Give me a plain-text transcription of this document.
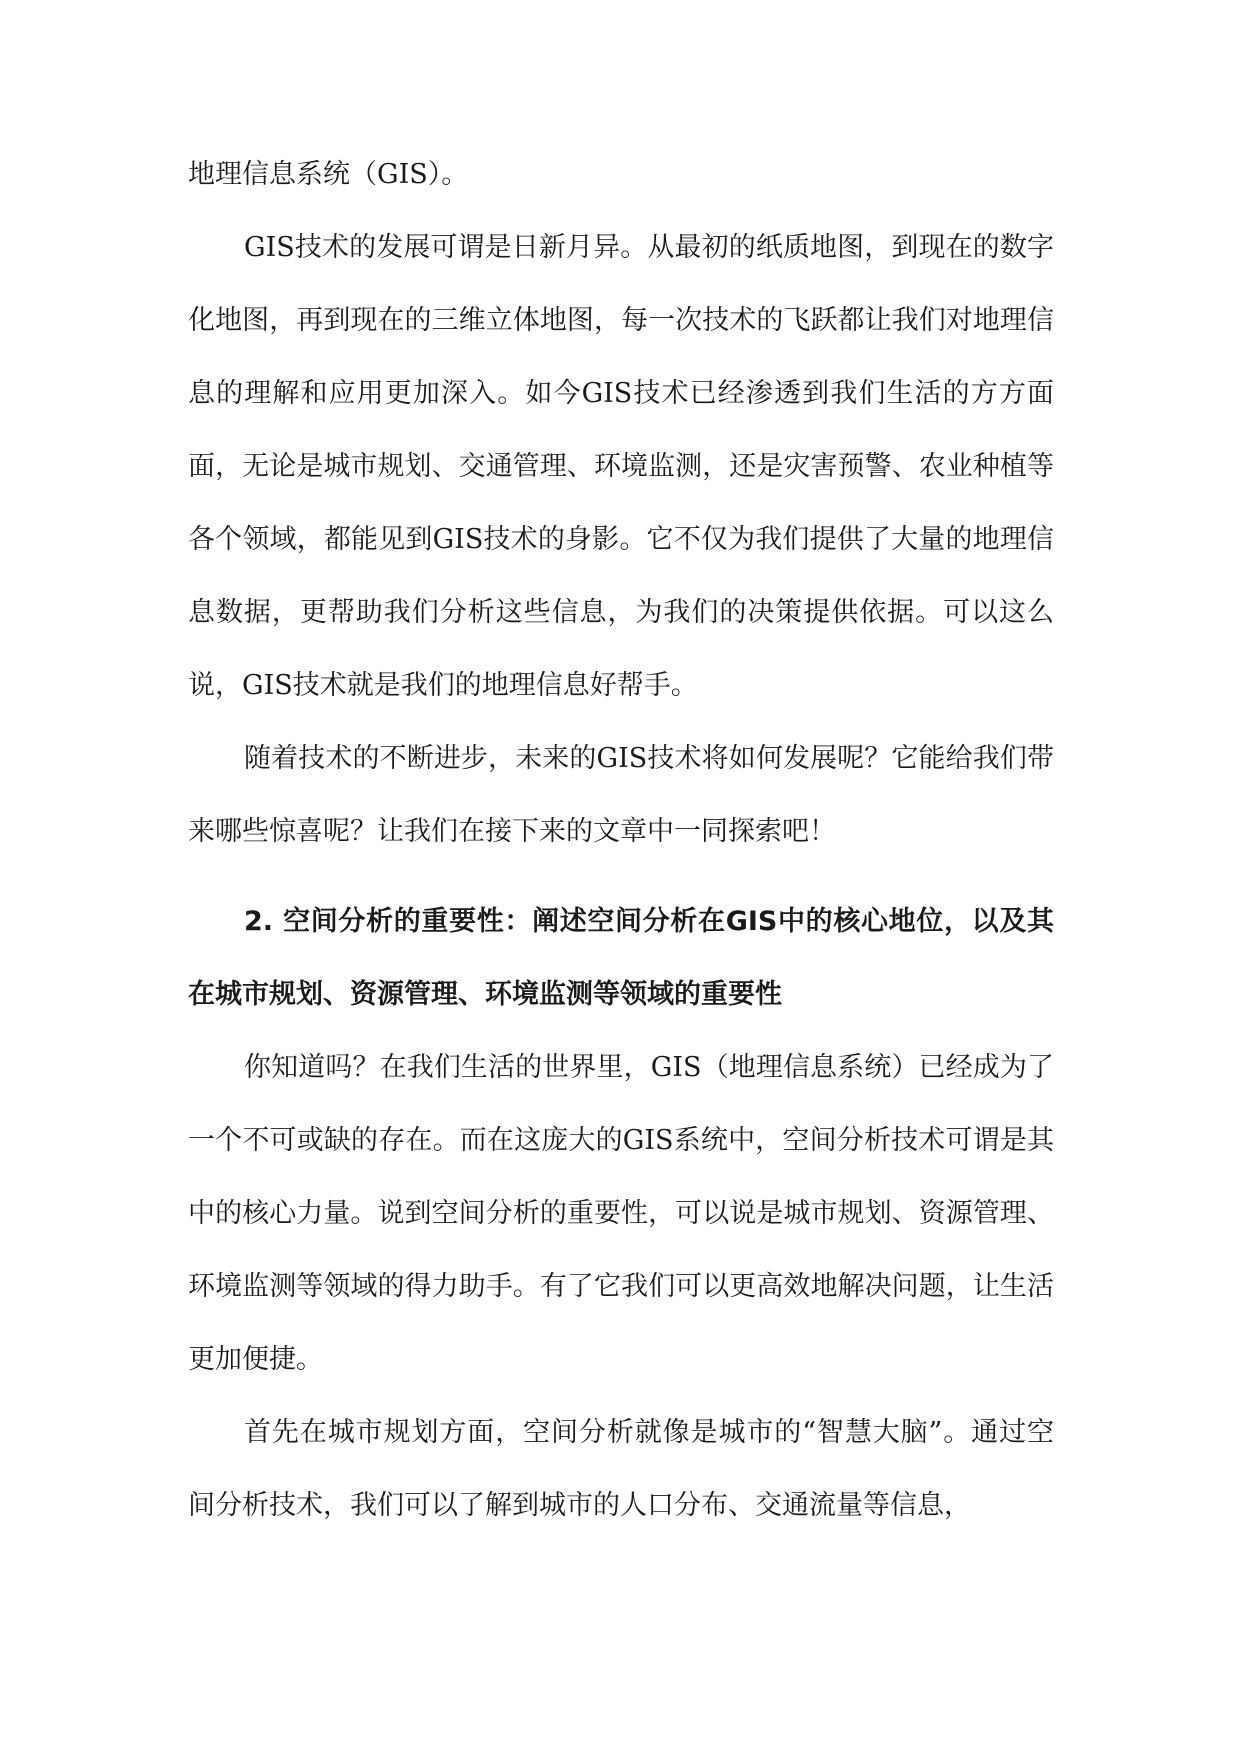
地理信息系统（GIS）。

GIS技术的发展可谓是日新月异。从最初的纸质地图，到现在的数字化地图，再到现在的三维立体地图，每一次技术的飞跃都让我们对地理信息的理解和应用更加深入。如今GIS技术已经渗透到我们生活的方方面面，无论是城市规划、交通管理、环境监测，还是灾害预警、农业种植等各个领域，都能见到GIS技术的身影。它不仅为我们提供了大量的地理信息数据，更帮助我们分析这些信息，为我们的决策提供依据。可以这么说，GIS技术就是我们的地理信息好帮手。

随着技术的不断进步，未来的GIS技术将如何发展呢？它能给我们带来哪些惊喜呢？让我们在接下来的文章中一同探索吧！

2. 空间分析的重要性：阐述空间分析在GIS中的核心地位，以及其在城市规划、资源管理、环境监测等领域的重要性

你知道吗？在我们生活的世界里，GIS（地理信息系统）已经成为了一个不可或缺的存在。而在这庞大的GIS系统中，空间分析技术可谓是其中的核心力量。说到空间分析的重要性，可以说是城市规划、资源管理、环境监测等领域的得力助手。有了它我们可以更高效地解决问题，让生活更加便捷。

首先在城市规划方面，空间分析就像是城市的“智慧大脑”。通过空间分析技术，我们可以了解到城市的人口分布、交通流量等信息，
